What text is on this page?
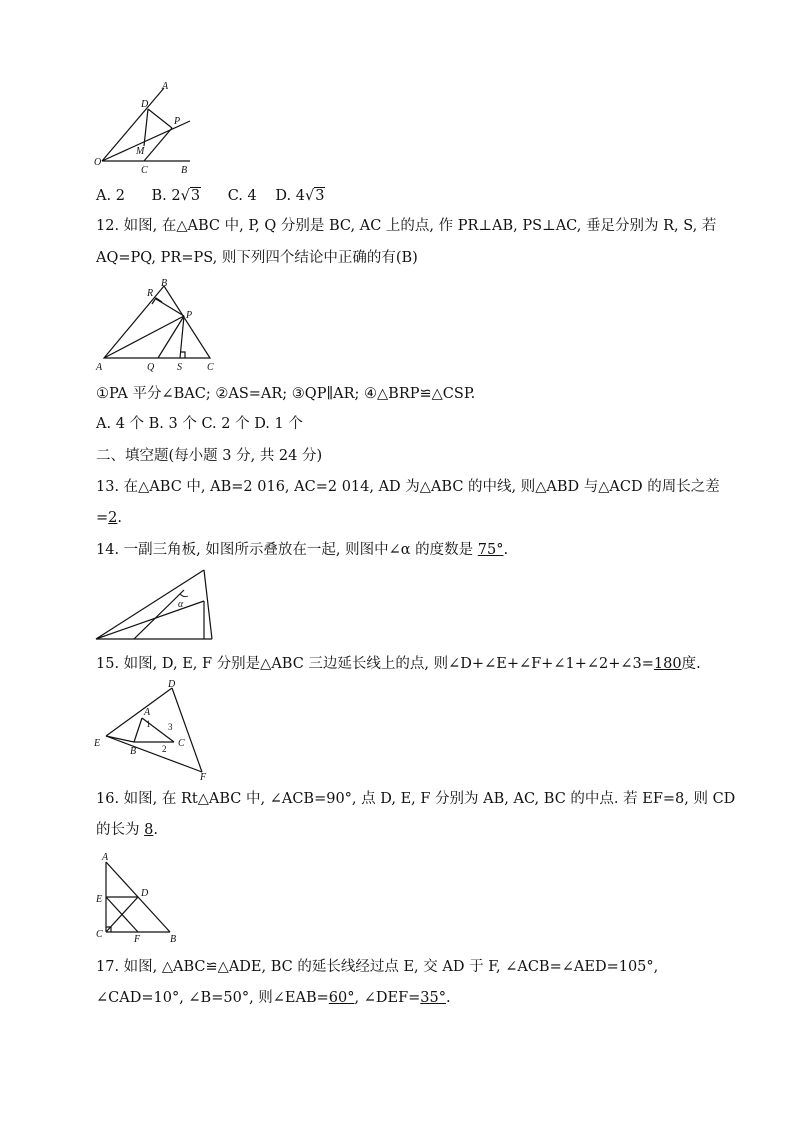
A
D
P
M
O
C	B
A. 2 B. 2√3 C. 4 D. 4√3
12. 如图, 在△ABC 中, P, Q 分别是 BC, AC 上的点, 作 PR⊥AB, PS⊥AC, 垂足分别为 R, S, 若
AQ=PQ, PR=PS, 则下列四个结论中正确的有(B)
R
B
P
A	Q S	C
①PA 平分∠BAC; ②AS=AR; ③QP∥AR; ④△BRP≌△CSP.
A. 4 个 B. 3 个 C. 2 个 D. 1 个
二、填空题(每小题 3 分, 共 24 分)
13. 在△ABC 中, AB=2 016, AC=2 014, AD 为△ABC 的中线, 则△ABD 与△ACD 的周长之差
=2.
14. 一副三角板, 如图所示叠放在一起, 则图中∠α 的度数是 75°.
α
15. 如图, D, E, F 分别是△ABC 三边延长线上的点, 则∠D+∠E+∠F+∠1+∠2+∠3=180度.
D
A
E
B
C
F
1
2
3
16. 如图, 在 Rt△ABC 中, ∠ACB=90°, 点 D, E, F 分别为 AB, AC, BC 的中点. 若 EF=8, 则 CD
的长为 8.
A
D
E
C	F	B
17. 如图, △ABC≌△ADE, BC 的延长线经过点 E, 交 AD 于 F, ∠ACB=∠AED=105°,
∠CAD=10°, ∠B=50°, 则∠EAB=60°, ∠DEF=35°.
